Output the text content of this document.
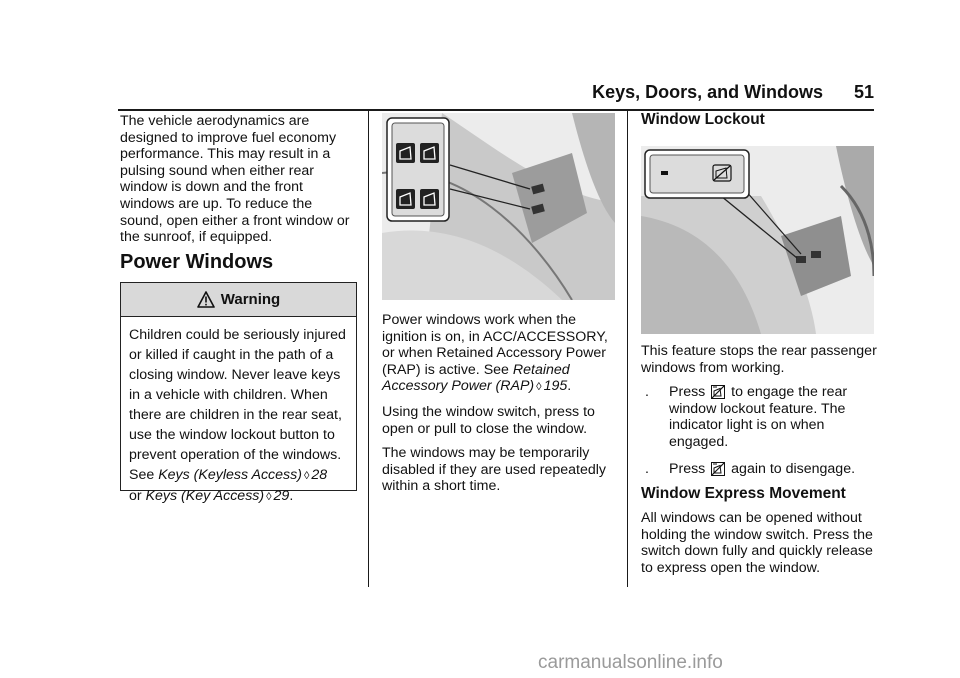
Keys, Doors, and Windows 51

The vehicle aerodynamics are designed to improve fuel economy performance. This may result in a pulsing sound when either rear window is down and the front windows are up. To reduce the sound, open either a front window or the sunroof, if equipped.

Power Windows
Warning
Children could be seriously injured or killed if caught in the path of a closing window. Never leave keys in a vehicle with children. When there are children in the rear seat, use the window lockout button to prevent operation of the windows.
See Keys (Keyless Access) ◊ 28
or Keys (Key Access) ◊ 29.

Power windows work when the ignition is on, in ACC/ACCESSORY, or when Retained Accessory Power (RAP) is active. See Retained Accessory Power (RAP) ◊ 195.

Using the window switch, press to open or pull to close the window.

The windows may be temporarily disabled if they are used repeatedly within a short time.

Window Lockout

This feature stops the rear passenger windows from working.

.	Press to engage the rear window lockout feature. The indicator light is on when engaged.
.	Press again to disengage.
Window Express Movement

All windows can be opened without holding the window switch. Press the switch down fully and quickly release to express open the window.

carmanualsonline.info
